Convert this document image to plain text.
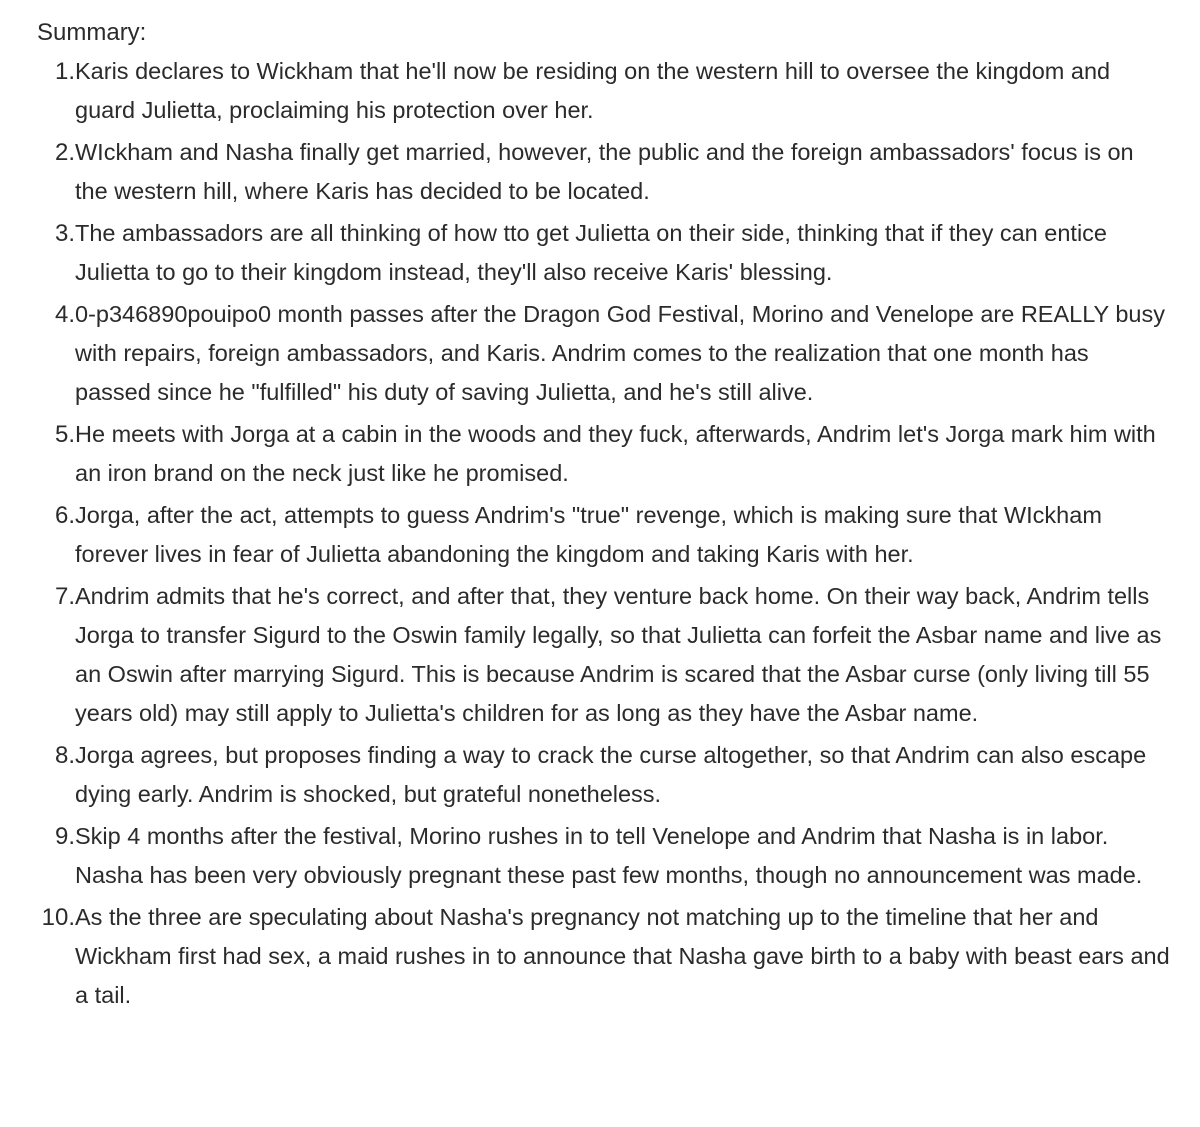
Summary:
1. Karis declares to Wickham that he'll now be residing on the western hill to oversee the kingdom and guard Julietta, proclaiming his protection over her.
2. WIckham and Nasha finally get married, however, the public and the foreign ambassadors' focus is on the western hill, where Karis has decided to be located.
3. The ambassadors are all thinking of how tto get Julietta on their side, thinking that if they can entice Julietta to go to their kingdom instead, they'll also receive Karis' blessing.
4. 0-p346890pouipo0 month passes after the Dragon God Festival, Morino and Venelope are REALLY busy with repairs, foreign ambassadors, and Karis. Andrim comes to the realization that one month has passed since he "fulfilled" his duty of saving Julietta, and he's still alive.
5. He meets with Jorga at a cabin in the woods and they fuck, afterwards, Andrim let's Jorga mark him with an iron brand on the neck just like he promised.
6. Jorga, after the act, attempts to guess Andrim's "true" revenge, which is making sure that WIckham forever lives in fear of Julietta abandoning the kingdom and taking Karis with her.
7. Andrim admits that he's correct, and after that, they venture back home. On their way back, Andrim tells Jorga to transfer Sigurd to the Oswin family legally, so that Julietta can forfeit the Asbar name and live as an Oswin after marrying Sigurd. This is because Andrim is scared that the Asbar curse (only living till 55 years old) may still apply to Julietta's children for as long as they have the Asbar name.
8. Jorga agrees, but proposes finding a way to crack the curse altogether, so that Andrim can also escape dying early. Andrim is shocked, but grateful nonetheless.
9. Skip 4 months after the festival, Morino rushes in to tell Venelope and Andrim that Nasha is in labor. Nasha has been very obviously pregnant these past few months, though no announcement was made.
10. As the three are speculating about Nasha's pregnancy not matching up to the timeline that her and Wickham first had sex, a maid rushes in to announce that Nasha gave birth to a baby with beast ears and a tail.
